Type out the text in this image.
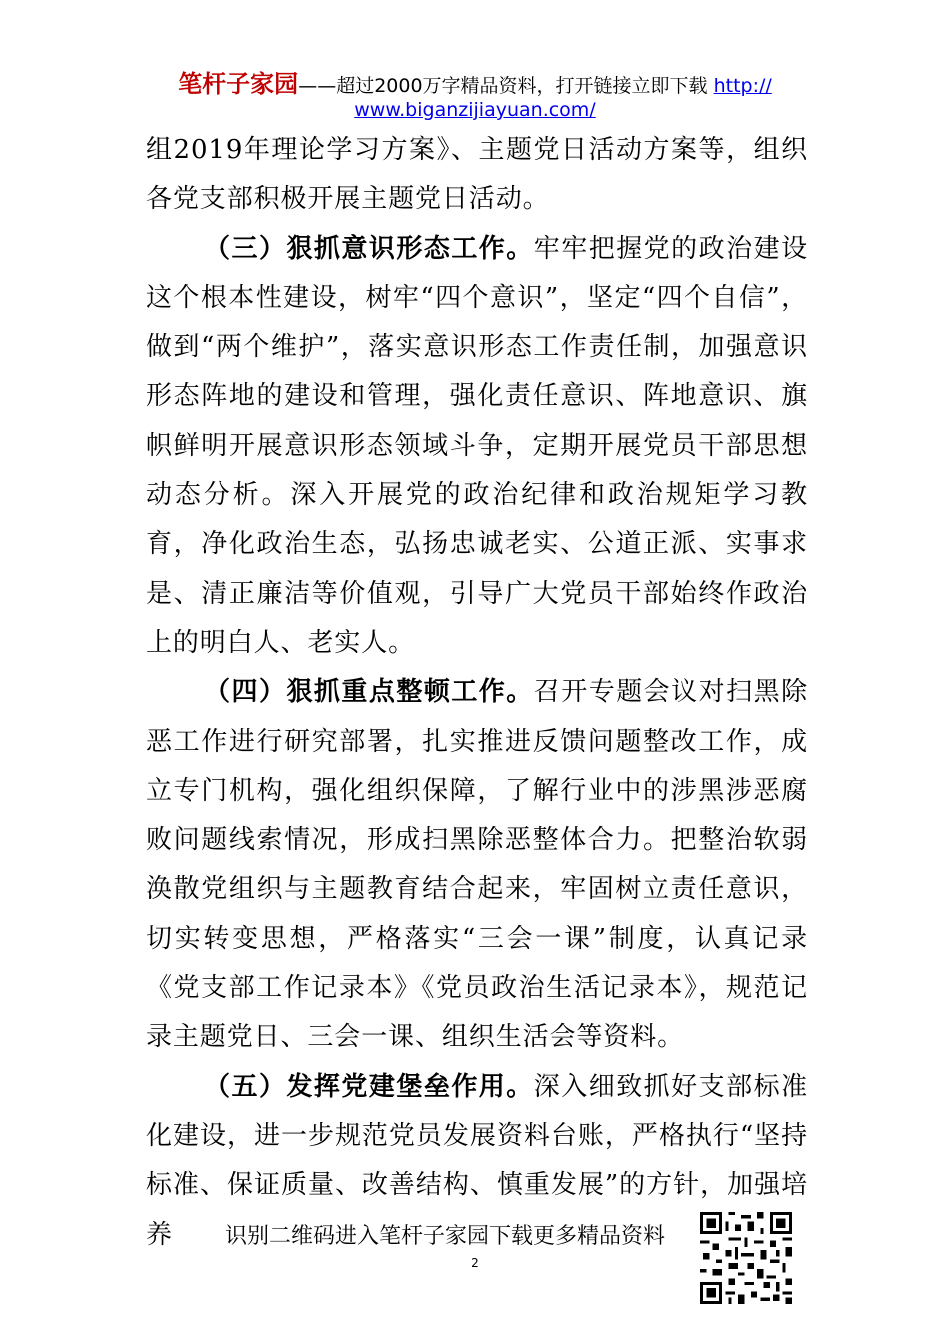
笔杆子家园——超过2000万字精品资料，打开链接立即下载 http://
www.biganzijiayuan.com/

组2019年理论学习方案》、主题党日活动方案等，组织各党支部积极开展主题党日活动。

（三）狠抓意识形态工作。牢牢把握党的政治建设这个根本性建设，树牢“四个意识”，坚定“四个自信”，做到“两个维护”，落实意识形态工作责任制，加强意识形态阵地的建设和管理，强化责任意识、阵地意识、旗帜鲜明开展意识形态领域斗争，定期开展党员干部思想动态分析。深入开展党的政治纪律和政治规矩学习教育，净化政治生态，弘扬忠诚老实、公道正派、实事求是、清正廉洁等价值观，引导广大党员干部始终作政治上的明白人、老实人。

（四）狠抓重点整顿工作。召开专题会议对扫黑除恶工作进行研究部署，扎实推进反馈问题整改工作，成立专门机构，强化组织保障，了解行业中的涉黑涉恶腐败问题线索情况，形成扫黑除恶整体合力。把整治软弱涣散党组织与主题教育结合起来，牢固树立责任意识，切实转变思想，严格落实“三会一课”制度，认真记录《党支部工作记录本》《党员政治生活记录本》，规范记录主题党日、三会一课、组织生活会等资料。

（五）发挥党建堡垒作用。深入细致抓好支部标准化建设，进一步规范党员发展资料台账，严格执行“坚持标准、保证质量、改善结构、慎重发展”的方针，加强培养	识别二维码进入笔杆子家园下载更多精品资料
2
